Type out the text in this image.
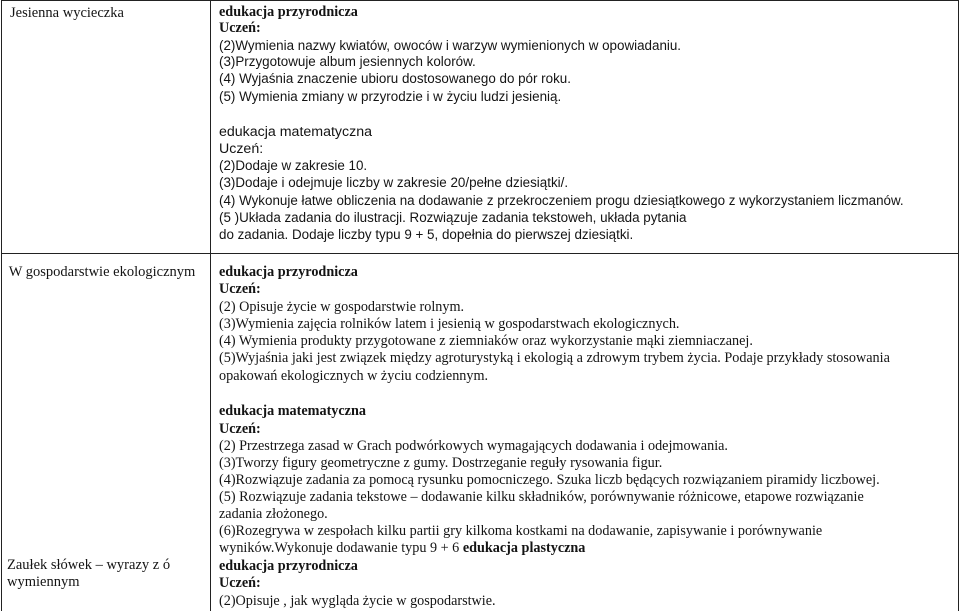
Jesienna wycieczka
W gospodarstwie ekologicznym
Zaułek słówek – wyrazy z ó
wymiennym
edukacja przyrodnicza
Uczeń:
(2)Wymienia nazwy kwiatów, owoców i warzyw wymienionych w opowiadaniu.
(3)Przygotowuje album jesiennych kolorów.
(4) Wyjaśnia znaczenie ubioru dostosowanego do pór roku.
(5) Wymienia zmiany w przyrodzie i w życiu ludzi jesienią.
edukacja matematyczna
Uczeń:
(2)Dodaje w zakresie 10.
(3)Dodaje i odejmuje liczby w zakresie 20/pełne dziesiątki/.
(4) Wykonuje łatwe obliczenia na dodawanie z przekroczeniem progu dziesiątkowego z wykorzystaniem liczmanów.
(5 )Układa zadania do ilustracji. Rozwiązuje zadania tekstoweh, układa pytania
do zadania. Dodaje liczby typu 9 + 5, dopełnia do pierwszej dziesiątki.
edukacja przyrodnicza
Uczeń:
(2) Opisuje życie w gospodarstwie rolnym.
(3)Wymienia zajęcia rolników latem i jesienią w gospodarstwach ekologicznych.
(4) Wymienia produkty przygotowane z ziemniaków oraz wykorzystanie mąki ziemniaczanej.
(5)Wyjaśnia jaki jest związek między agroturystyką i ekologią a zdrowym trybem życia. Podaje przykłady stosowania
opakowań ekologicznych w życiu codziennym.
edukacja matematyczna
Uczeń:
(2) Przestrzega zasad w Grach podwórkowych wymagających dodawania i odejmowania.
(3)Tworzy figury geometryczne z gumy. Dostrzeganie reguły rysowania figur.
(4)Rozwiązuje zadania za pomocą rysunku pomocniczego. Szuka liczb będących rozwiązaniem piramidy liczbowej.
(5) Rozwiązuje zadania tekstowe – dodawanie kilku składników, porównywanie różnicowe, etapowe rozwiązanie
zadania złożonego.
(6)Rozegrywa w zespołach kilku partii gry kilkoma kostkami na dodawanie, zapisywanie i porównywanie
wyników.Wykonuje dodawanie typu 9 + 6 edukacja plastyczna
edukacja przyrodnicza
Uczeń:
(2)Opisuje , jak wygląda życie w gospodarstwie.
